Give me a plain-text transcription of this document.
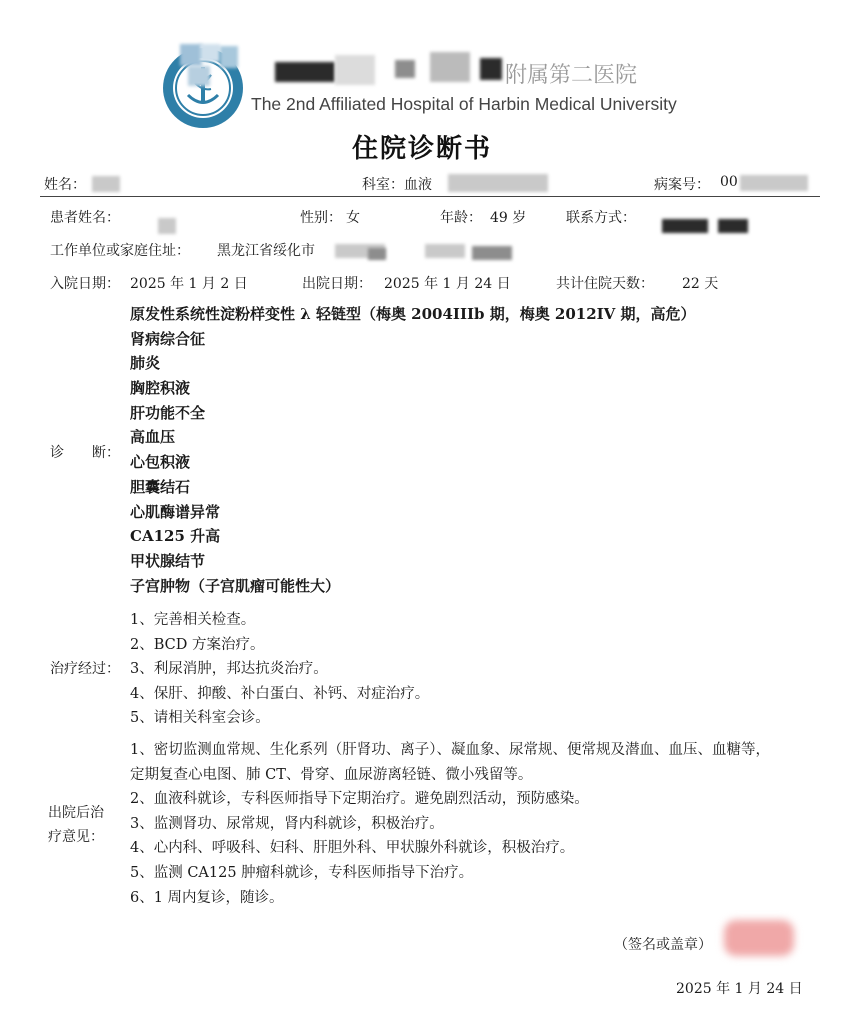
附属第二医院
The 2nd Affiliated Hospital of Harbin Medical University
住院诊断书
姓名：	科室： 血液	病案号： 00
患者姓名：	性别： 女	年龄： 49 岁	联系方式：
工作单位或家庭住址： 黑龙江省绥化市
入院日期： 2025 年 1 月 2 日	出院日期： 2025 年 1 月 24 日	共计住院天数： 22 天
诊　　断：
原发性系统性淀粉样变性 λ 轻链型（梅奥 2004IIIb 期，梅奥 2012IV 期，高危）
肾病综合征
肺炎
胸腔积液
肝功能不全
高血压
心包积液
胆囊结石
心肌酶谱异常
CA125 升高
甲状腺结节
子宫肿物（子宫肌瘤可能性大）
治疗经过：
1、完善相关检查。
2、BCD 方案治疗。
3、利尿消肿，邦达抗炎治疗。
4、保肝、抑酸、补白蛋白、补钙、对症治疗。
5、请相关科室会诊。
出院后治
疗意见：
1、密切监测血常规、生化系列（肝肾功、离子）、凝血象、尿常规、便常规及潜血、血压、血糖等，
定期复查心电图、肺 CT、骨穿、血尿游离轻链、微小残留等。
2、血液科就诊，专科医师指导下定期治疗。避免剧烈活动，预防感染。
3、监测肾功、尿常规，肾内科就诊，积极治疗。
4、心内科、呼吸科、妇科、肝胆外科、甲状腺外科就诊，积极治疗。
5、监测 CA125 肿瘤科就诊，专科医师指导下治疗。
6、1 周内复诊，随诊。
（签名或盖章）
2025 年 1 月 24 日
